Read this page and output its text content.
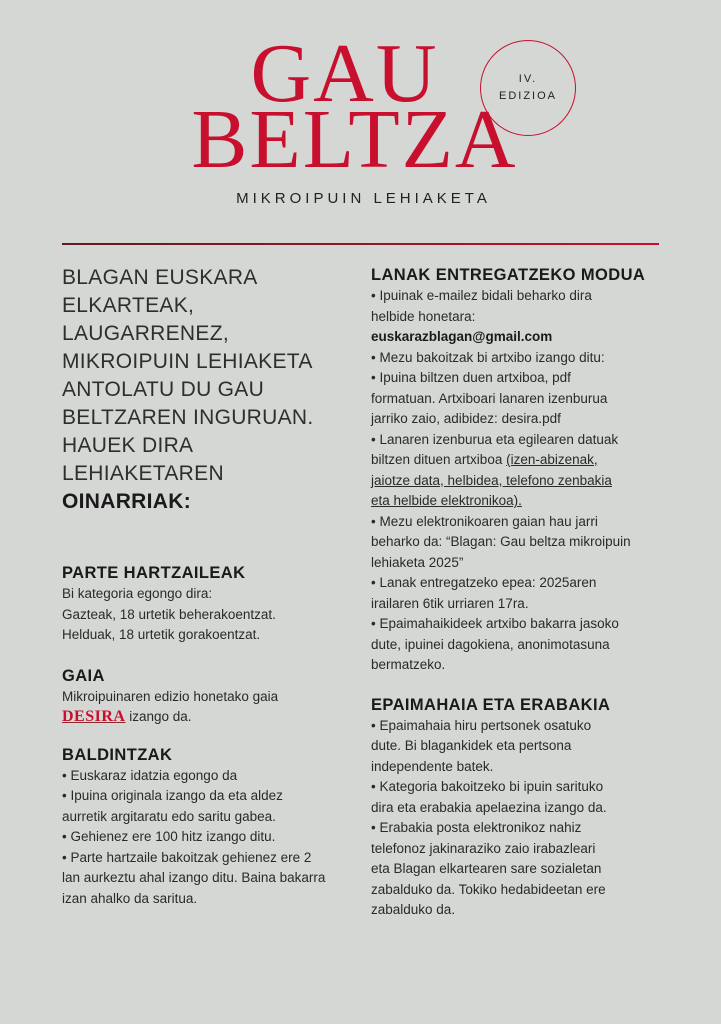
GAU
BELTZA
IV.
EDIZIOA
MIKROIPUIN LEHIAKETA
BLAGAN EUSKARA
ELKARTEAK, LAUGARRENEZ,
MIKROIPUIN LEHIAKETA
ANTOLATU DU GAU
BELTZAREN INGURUAN.
HAUEK DIRA LEHIAKETAREN
OINARRIAK:
PARTE HARTZAILEAK

Bi kategoria egongo dira:

Gazteak, 18 urtetik beherakoentzat.

Helduak, 18 urtetik gorakoentzat.

GAIA

Mikroipuinaren edizio honetako gaia

DESIRA izango da.

BALDINTZAK

• Euskaraz idatzia egongo da

• Ipuina originala izango da eta aldez

aurretik argitaratu edo saritu gabea.

• Gehienez ere 100 hitz izango ditu.

• Parte hartzaile bakoitzak gehienez ere 2

lan aurkeztu ahal izango ditu. Baina bakarra

izan ahalko da saritua.

LANAK ENTREGATZEKO MODUA

• Ipuinak e-mailez bidali beharko dira

helbide honetara:

euskarazblagan@gmail.com

• Mezu bakoitzak bi artxibo izango ditu:

• Ipuina biltzen duen artxiboa, pdf

formatuan. Artxiboari lanaren izenburua

jarriko zaio, adibidez: desira.pdf

• Lanaren izenburua eta egilearen datuak

biltzen dituen artxiboa (izen-abizenak,

jaiotze data, helbidea, telefono zenbakia

eta helbide elektronikoa).

• Mezu elektronikoaren gaian hau jarri

beharko da: “Blagan: Gau beltza mikroipuin

lehiaketa 2025”

• Lanak entregatzeko epea: 2025aren

irailaren 6tik urriaren 17ra.

• Epaimahaikideek artxibo bakarra jasoko

dute, ipuinei dagokiena, anonimotasuna

bermatzeko.

EPAIMAHAIA ETA ERABAKIA

• Epaimahaia hiru pertsonek osatuko

dute. Bi blagankidek eta pertsona

independente batek.

• Kategoria bakoitzeko bi ipuin sarituko

dira eta erabakia apelaezina izango da.

• Erabakia posta elektronikoz nahiz

telefonoz jakinaraziko zaio irabazleari

eta Blagan elkartearen sare sozialetan

zabalduko da. Tokiko hedabideetan ere

zabalduko da.
